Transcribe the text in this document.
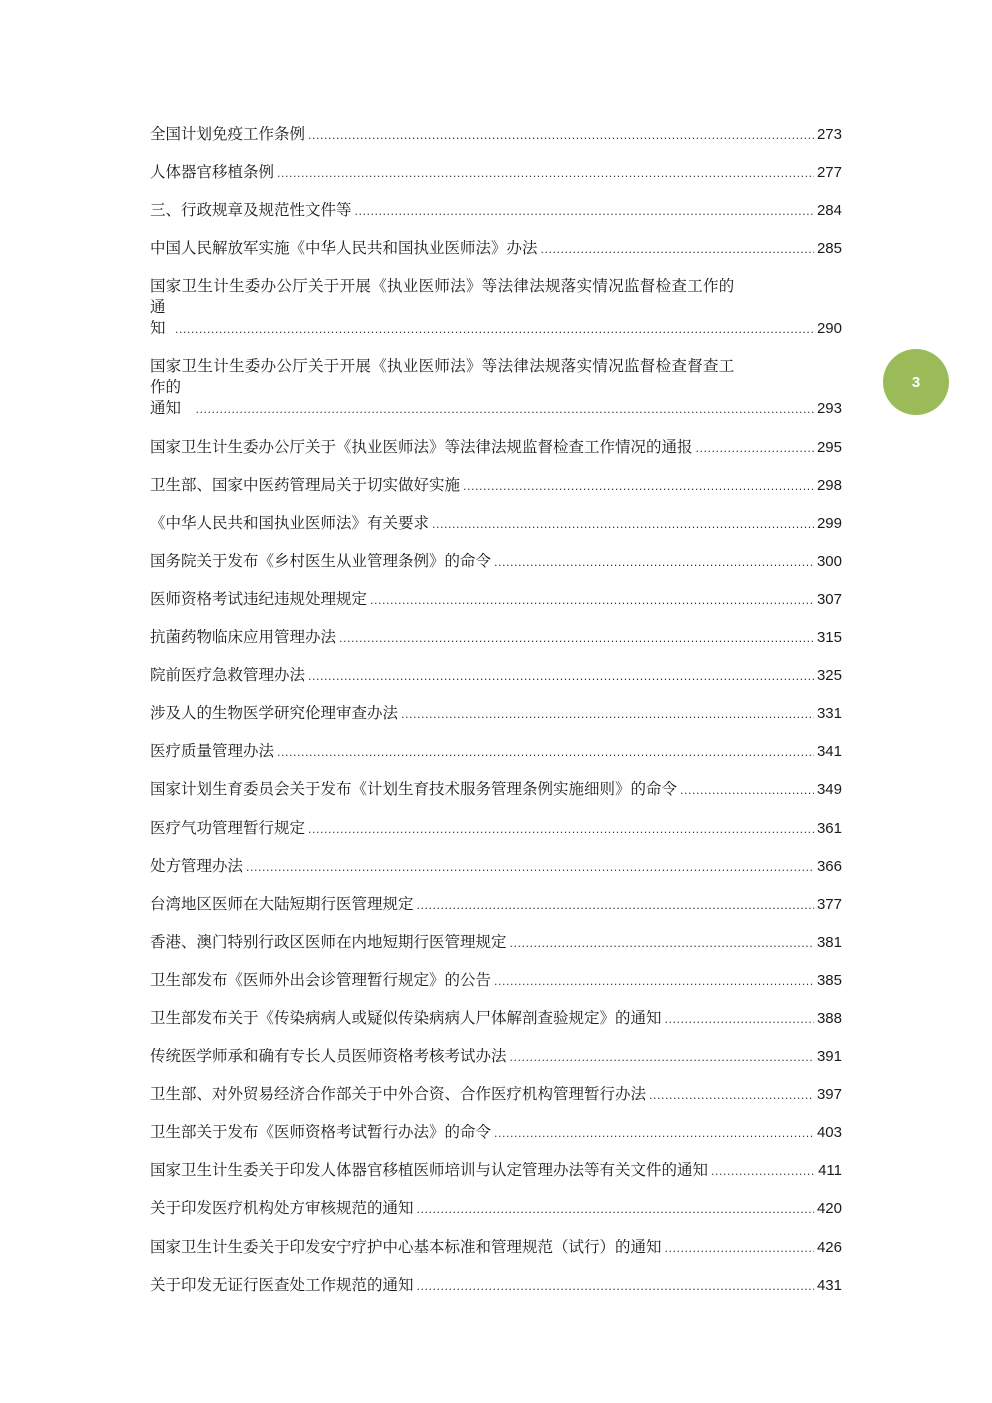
全国计划免疫工作条例 .....	273
人体器官移植条例 .....	277
三、行政规章及规范性文件等 .....	284
中国人民解放军实施《中华人民共和国执业医师法》办法 .....	285
国家卫生计生委办公厅关于开展《执业医师法》等法律法规落实情况监督检查工作的
通知 .....	290
国家卫生计生委办公厅关于开展《执业医师法》等法律法规落实情况监督检查督查工
作的通知 .....	293
国家卫生计生委办公厅关于《执业医师法》等法律法规监督检查工作情况的通报 .....	295
卫生部、国家中医药管理局关于切实做好实施 .....	298
《中华人民共和国执业医师法》有关要求 .....	299
国务院关于发布《乡村医生从业管理条例》的命令 .....	300
医师资格考试违纪违规处理规定 .....	307
抗菌药物临床应用管理办法 .....	315
院前医疗急救管理办法 .....	325
涉及人的生物医学研究伦理审查办法 .....	331
医疗质量管理办法 .....	341
国家计划生育委员会关于发布《计划生育技术服务管理条例实施细则》的命令 .....	349
医疗气功管理暂行规定 .....	361
处方管理办法 .....	366
台湾地区医师在大陆短期行医管理规定 .....	377
香港、澳门特别行政区医师在内地短期行医管理规定 .....	381
卫生部发布《医师外出会诊管理暂行规定》的公告 .....	385
卫生部发布关于《传染病病人或疑似传染病病人尸体解剖查验规定》的通知 .....	388
传统医学师承和确有专长人员医师资格考核考试办法 .....	391
卫生部、对外贸易经济合作部关于中外合资、合作医疗机构管理暂行办法 .....	397
卫生部关于发布《医师资格考试暂行办法》的命令 .....	403
国家卫生计生委关于印发人体器官移植医师培训与认定管理办法等有关文件的通知 .....	411
关于印发医疗机构处方审核规范的通知 .....	420
国家卫生计生委关于印发安宁疗护中心基本标准和管理规范（试行）的通知 .....	426
关于印发无证行医查处工作规范的通知 .....	431
3
